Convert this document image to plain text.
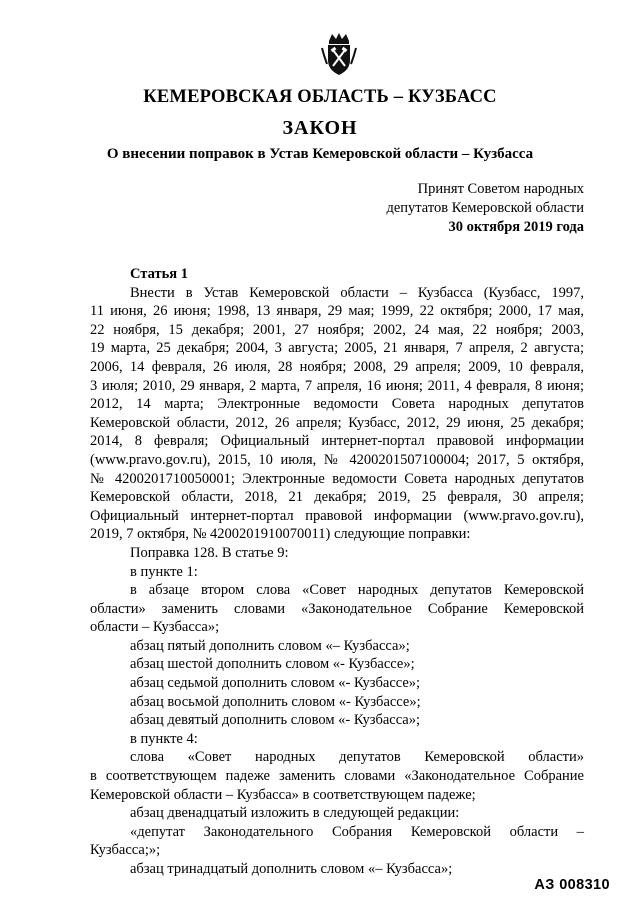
КЕМЕРОВСКАЯ ОБЛАСТЬ – КУЗБАСС
ЗАКОН
О внесении поправок в Устав Кемеровской области – Кузбасса
Принят Советом народных
депутатов Кемеровской области
30 октября 2019 года
Статья 1
Внести в Устав Кемеровской области – Кузбасса (Кузбасс, 1997,
11 июня, 26 июня; 1998, 13 января, 29 мая; 1999, 22 октября; 2000, 17 мая,
22 ноября, 15 декабря; 2001, 27 ноября; 2002, 24 мая, 22 ноября; 2003,
19 марта, 25 декабря; 2004, 3 августа; 2005, 21 января, 7 апреля, 2 августа;
2006, 14 февраля, 26 июля, 28 ноября; 2008, 29 апреля; 2009, 10 февраля,
3 июля; 2010, 29 января, 2 марта, 7 апреля, 16 июня; 2011, 4 февраля, 8 июня;
2012, 14 марта; Электронные ведомости Совета народных депутатов
Кемеровской области, 2012, 26 апреля; Кузбасс, 2012, 29 июня, 25 декабря;
2014, 8 февраля; Официальный интернет-портал правовой информации
(www.pravo.gov.ru), 2015, 10 июля, № 4200201507100004; 2017, 5 октября,
№ 4200201710050001; Электронные ведомости Совета народных депутатов
Кемеровской области, 2018, 21 декабря; 2019, 25 февраля, 30 апреля;
Официальный интернет-портал правовой информации (www.pravo.gov.ru),
2019, 7 октября, № 4200201910070011) следующие поправки:
Поправка 128. В статье 9:
в пункте 1:
в абзаце втором слова «Совет народных депутатов Кемеровской
области» заменить словами «Законодательное Собрание Кемеровской
области – Кузбасса»;
абзац пятый дополнить словом «– Кузбасса»;
абзац шестой дополнить словом «- Кузбассе»;
абзац седьмой дополнить словом «- Кузбассе»;
абзац восьмой дополнить словом «- Кузбассе»;
абзац девятый дополнить словом «- Кузбасса»;
в пункте 4:
слова «Совет народных депутатов Кемеровской области»
в соответствующем падеже заменить словами «Законодательное Собрание
Кемеровской области – Кузбасса» в соответствующем падеже;
абзац двенадцатый изложить в следующей редакции:
«депутат Законодательного Собрания Кемеровской области –
Кузбасса;»;
абзац тринадцатый дополнить словом «– Кузбасса»;
АЗ 008310
